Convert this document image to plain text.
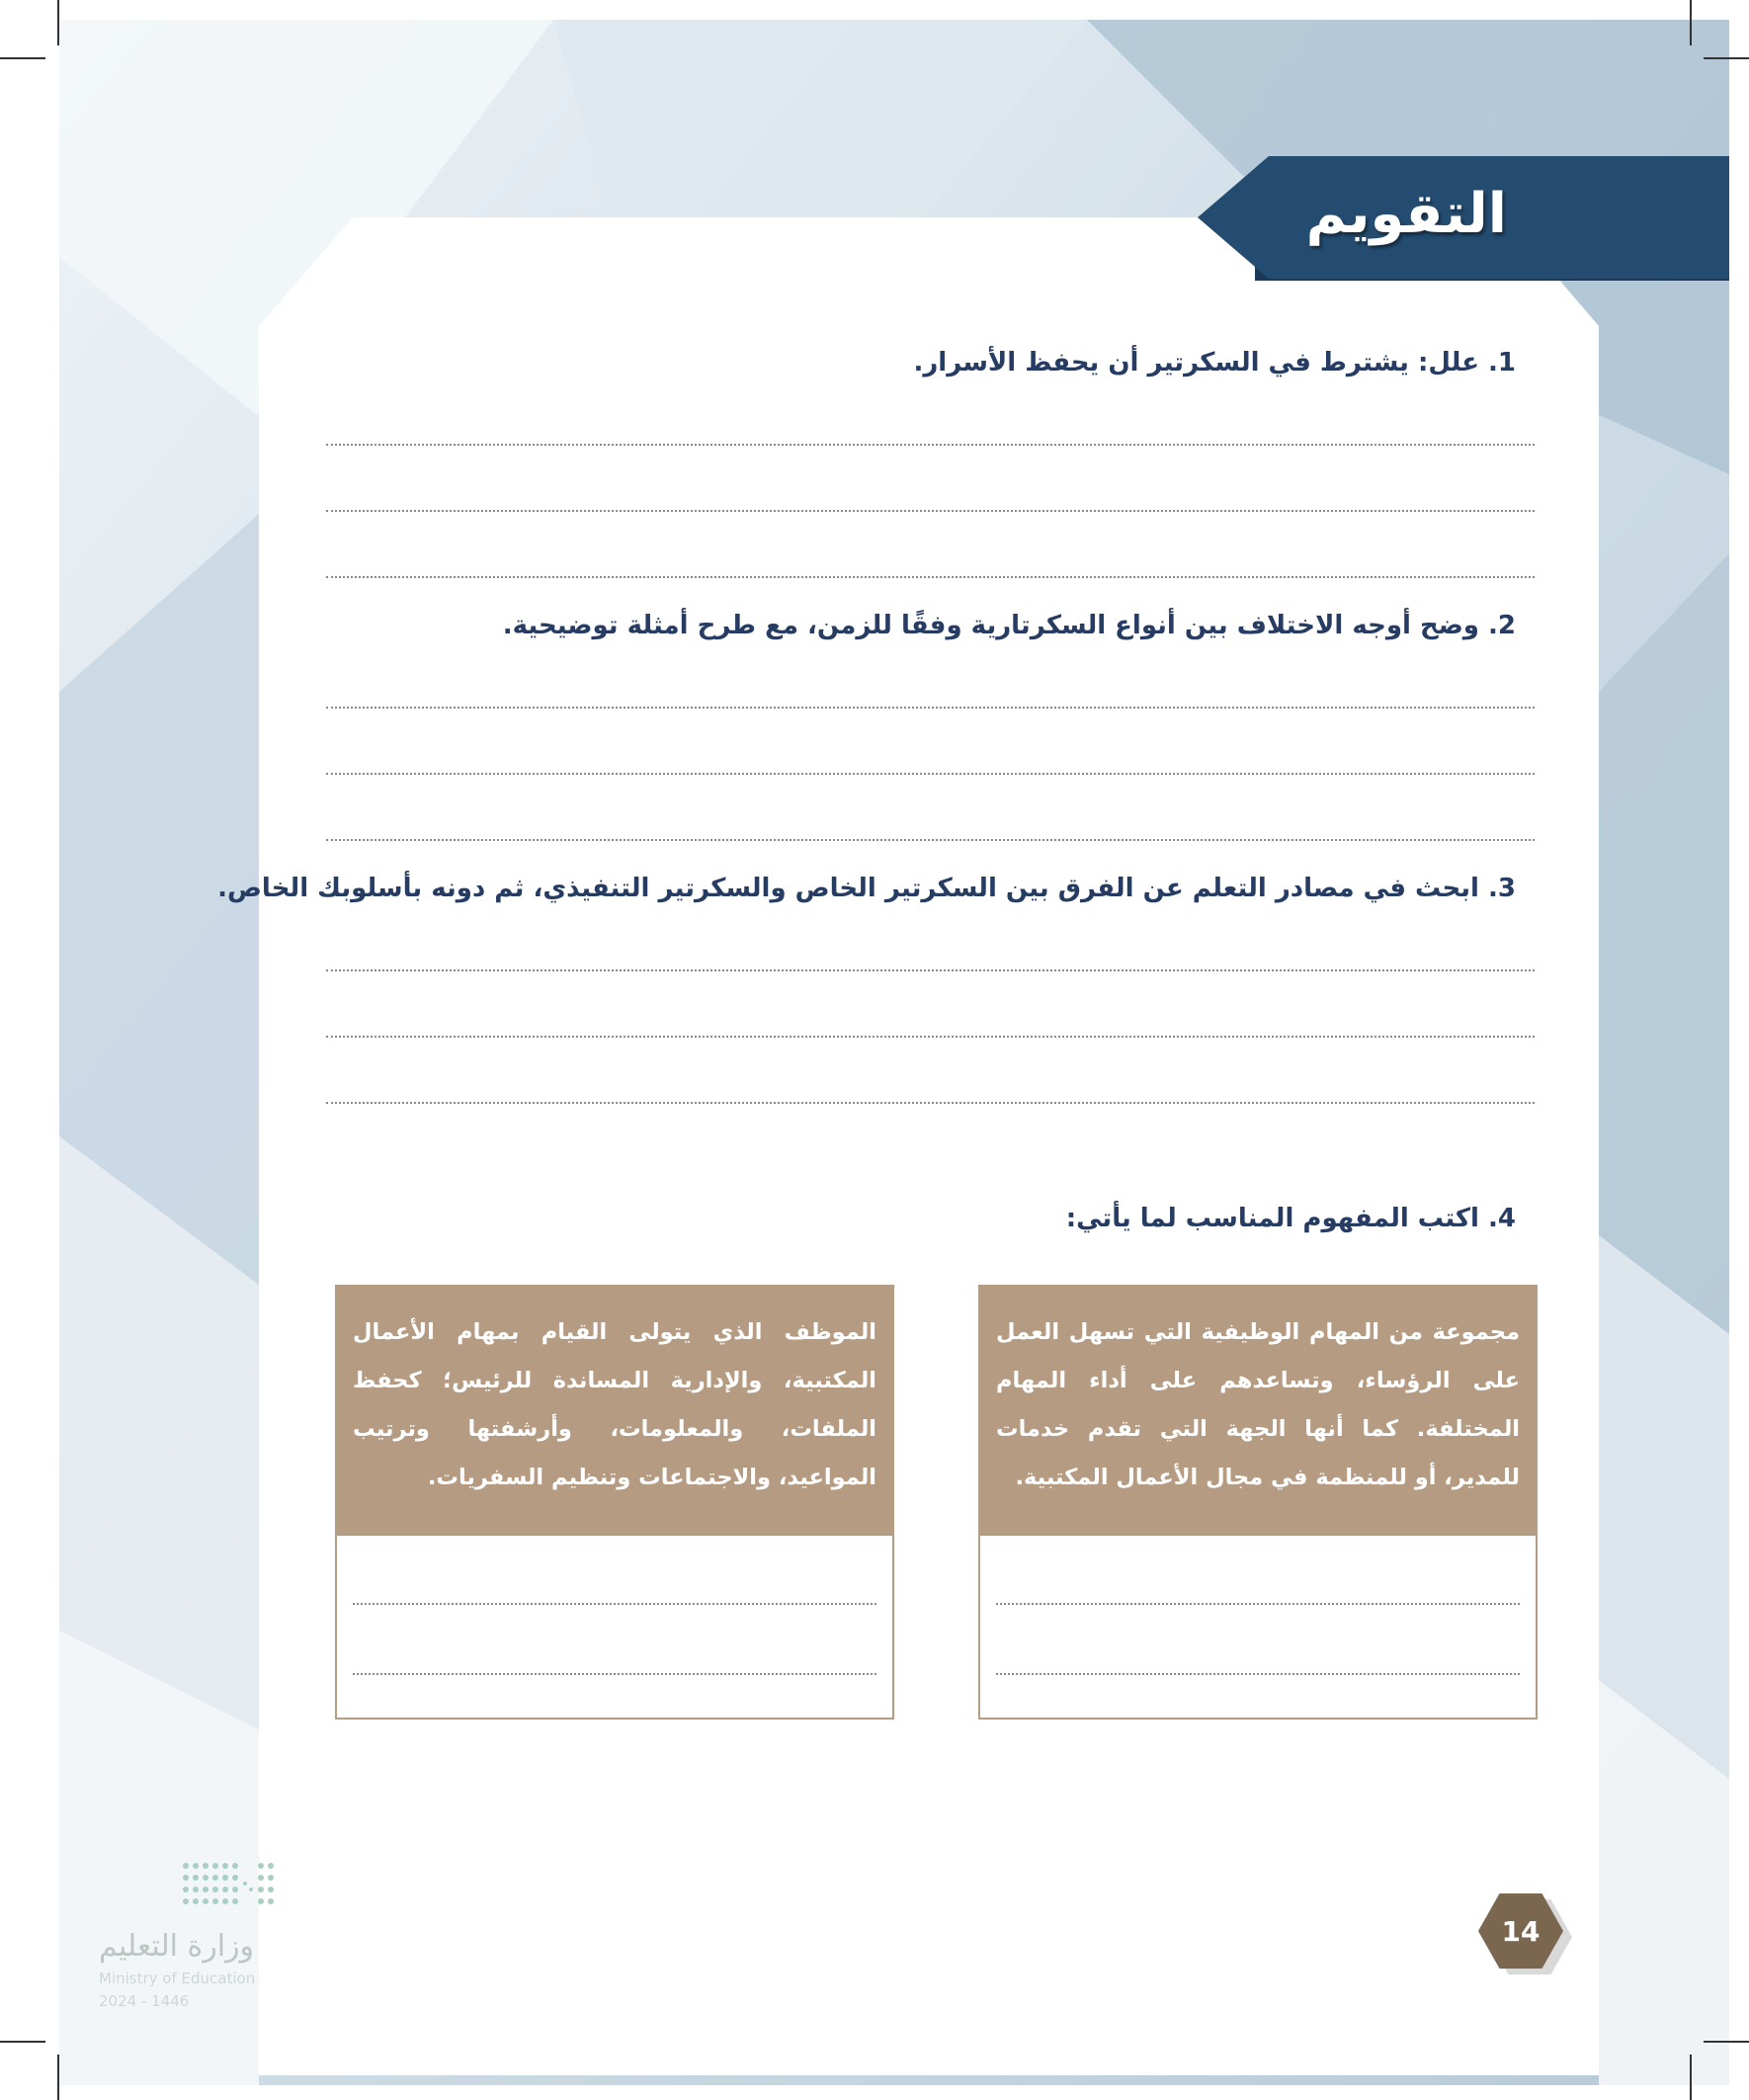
التقويم
1. علل: يشترط في السكرتير أن يحفظ الأسرار.
2. وضح أوجه الاختلاف بين أنواع السكرتارية وفقًا للزمن، مع طرح أمثلة توضيحية.
3. ابحث في مصادر التعلم عن الفرق بين السكرتير الخاص والسكرتير التنفيذي، ثم دونه بأسلوبك الخاص.
4. اكتب المفهوم المناسب لما يأتي:
مجموعة من المهام الوظيفية التي تسهل العمل على الرؤساء، وتساعدهم على أداء المهام المختلفة. كما أنها الجهة التي تقدم خدمات للمدير، أو للمنظمة في مجال الأعمال المكتبية.
الموظف الذي يتولى القيام بمهام الأعمال المكتبية، والإدارية المساندة للرئيس؛ كحفظ الملفات، والمعلومات، وأرشفتها وترتيب المواعيد، والاجتماعات وتنظيم السفريات.
وزارة التعليم
Ministry of Education
2024 - 1446
14
